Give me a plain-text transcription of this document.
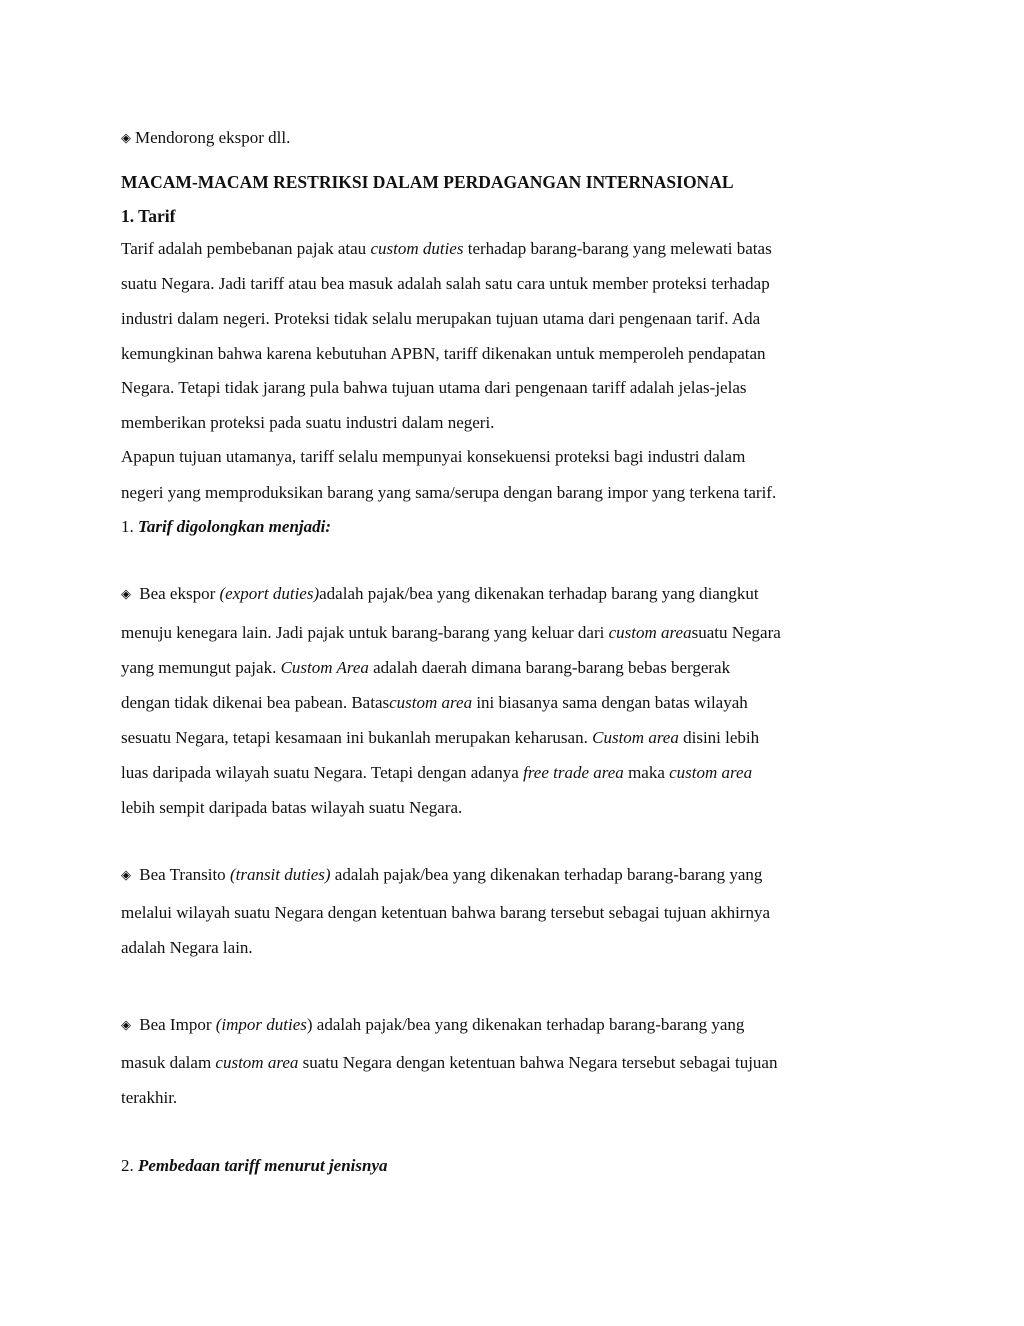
◈ Mendorong ekspor dll.
MACAM-MACAM RESTRIKSI DALAM PERDAGANGAN INTERNASIONAL
1. Tarif
Tarif adalah pembebanan pajak atau custom duties terhadap barang-barang yang melewati batas
suatu Negara. Jadi tariff atau bea masuk adalah salah satu cara untuk member proteksi terhadap
industri dalam negeri. Proteksi tidak selalu merupakan tujuan utama dari pengenaan tarif. Ada
kemungkinan bahwa karena kebutuhan APBN, tariff dikenakan untuk memperoleh pendapatan
Negara. Tetapi tidak jarang pula bahwa tujuan utama dari pengenaan tariff adalah jelas-jelas
memberikan proteksi pada suatu industri dalam negeri.
Apapun tujuan utamanya, tariff selalu mempunyai konsekuensi proteksi bagi industri dalam
negeri yang memproduksikan barang yang sama/serupa dengan barang impor yang terkena tarif.
1. Tarif digolongkan menjadi:
◈ Bea ekspor (export duties)adalah pajak/bea yang dikenakan terhadap barang yang diangkut
menuju kenegara lain. Jadi pajak untuk barang-barang yang keluar dari custom areasuatu Negara
yang memungut pajak. Custom Area adalah daerah dimana barang-barang bebas bergerak
dengan tidak dikenai bea pabean. Batascustom area ini biasanya sama dengan batas wilayah
sesuatu Negara, tetapi kesamaan ini bukanlah merupakan keharusan. Custom area disini lebih
luas daripada wilayah suatu Negara. Tetapi dengan adanya free trade area maka custom area
lebih sempit daripada batas wilayah suatu Negara.
◈ Bea Transito (transit duties) adalah pajak/bea yang dikenakan terhadap barang-barang yang
melalui wilayah suatu Negara dengan ketentuan bahwa barang tersebut sebagai tujuan akhirnya
adalah Negara lain.
◈ Bea Impor (impor duties) adalah pajak/bea yang dikenakan terhadap barang-barang yang
masuk dalam custom area suatu Negara dengan ketentuan bahwa Negara tersebut sebagai tujuan
terakhir.
2. Pembedaan tariff menurut jenisnya
